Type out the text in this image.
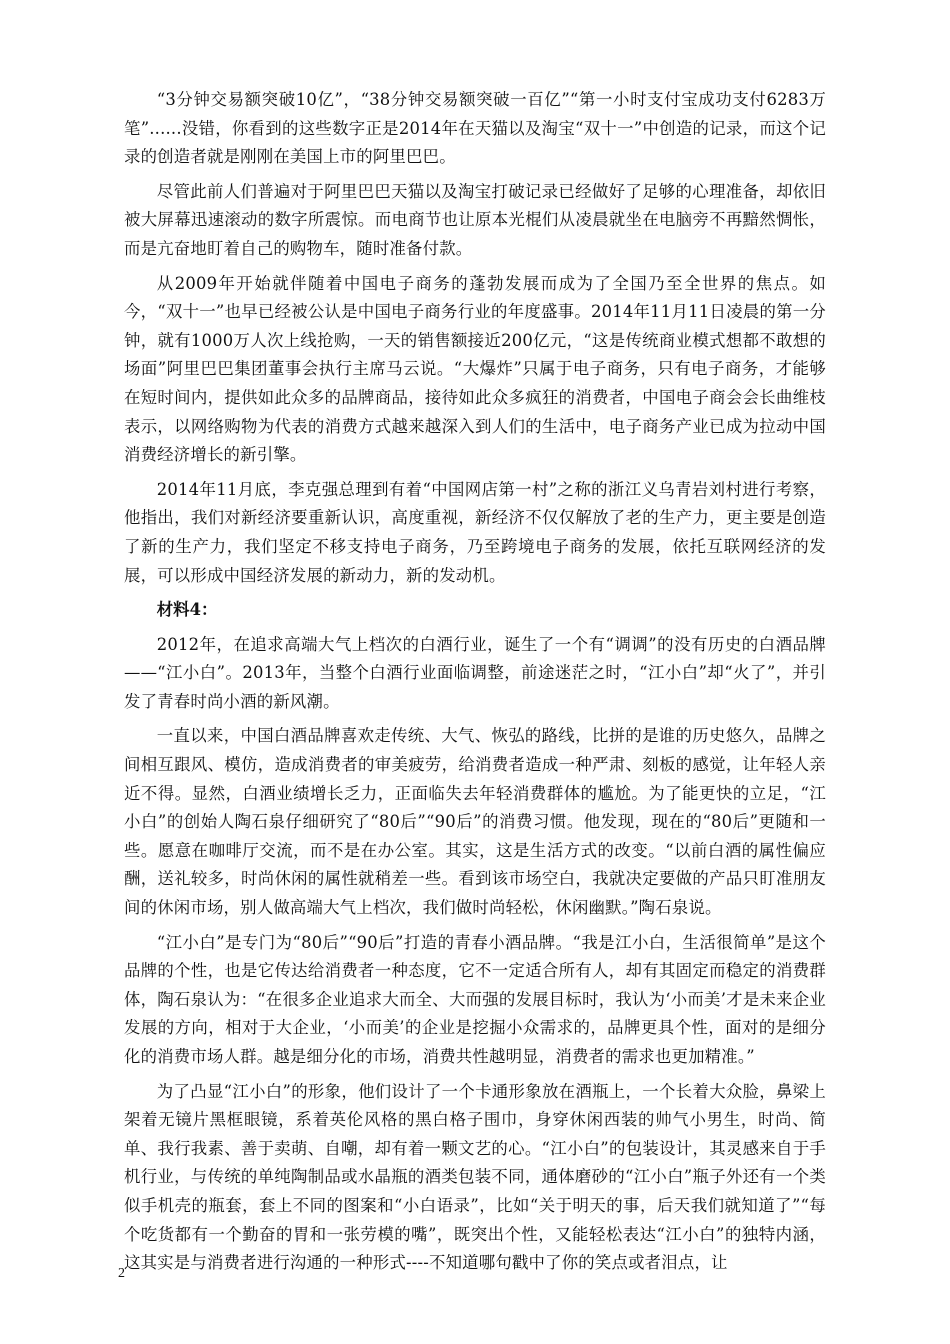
“3分钟交易额突破10亿”，“38分钟交易额突破一百亿”“第一小时支付宝成功支付6283万笔”......没错，你看到的这些数字正是2014年在天猫以及淘宝“双十一”中创造的记录，而这个记录的创造者就是刚刚在美国上市的阿里巴巴。

尽管此前人们普遍对于阿里巴巴天猫以及淘宝打破记录已经做好了足够的心理准备，却依旧被大屏幕迅速滚动的数字所震惊。而电商节也让原本光棍们从凌晨就坐在电脑旁不再黯然惆怅，而是亢奋地盯着自己的购物车，随时准备付款。

从2009年开始就伴随着中国电子商务的蓬勃发展而成为了全国乃至全世界的焦点。如今，“双十一”也早已经被公认是中国电子商务行业的年度盛事。2014年11月11日凌晨的第一分钟，就有1000万人次上线抢购，一天的销售额接近200亿元，“这是传统商业模式想都不敢想的场面”阿里巴巴集团董事会执行主席马云说。“大爆炸”只属于电子商务，只有电子商务，才能够在短时间内，提供如此众多的品牌商品，接待如此众多疯狂的消费者，中国电子商会会长曲维枝表示，以网络购物为代表的消费方式越来越深入到人们的生活中，电子商务产业已成为拉动中国消费经济增长的新引擎。

2014年11月底，李克强总理到有着“中国网店第一村”之称的浙江义乌青岩刘村进行考察，他指出，我们对新经济要重新认识，高度重视，新经济不仅仅解放了老的生产力，更主要是创造了新的生产力，我们坚定不移支持电子商务，乃至跨境电子商务的发展，依托互联网经济的发展，可以形成中国经济发展的新动力，新的发动机。

材料4：

2012年，在追求高端大气上档次的白酒行业，诞生了一个有“调调”的没有历史的白酒品牌——“江小白”。2013年，当整个白酒行业面临调整，前途迷茫之时，“江小白”却“火了”，并引发了青春时尚小酒的新风潮。

一直以来，中国白酒品牌喜欢走传统、大气、恢弘的路线，比拼的是谁的历史悠久，品牌之间相互跟风、模仿，造成消费者的审美疲劳，给消费者造成一种严肃、刻板的感觉，让年轻人亲近不得。显然，白酒业绩增长乏力，正面临失去年轻消费群体的尴尬。为了能更快的立足，“江小白”的创始人陶石泉仔细研究了“80后”“90后”的消费习惯。他发现，现在的“80后”更随和一些。愿意在咖啡厅交流，而不是在办公室。其实，这是生活方式的改变。“以前白酒的属性偏应酬，送礼较多，时尚休闲的属性就稍差一些。看到该市场空白，我就决定要做的产品只盯准朋友间的休闲市场，别人做高端大气上档次，我们做时尚轻松，休闲幽默。”陶石泉说。

“江小白”是专门为“80后”“90后”打造的青春小酒品牌。“我是江小白，生活很简单”是这个品牌的个性，也是它传达给消费者一种态度，它不一定适合所有人，却有其固定而稳定的消费群体，陶石泉认为：“在很多企业追求大而全、大而强的发展目标时，我认为‘小而美’才是未来企业发展的方向，相对于大企业，‘小而美’的企业是挖掘小众需求的，品牌更具个性，面对的是细分化的消费市场人群。越是细分化的市场，消费共性越明显，消费者的需求也更加精准。”

为了凸显“江小白”的形象，他们设计了一个卡通形象放在酒瓶上，一个长着大众脸，鼻梁上架着无镜片黑框眼镜，系着英伦风格的黑白格子围巾，身穿休闲西装的帅气小男生，时尚、简单、我行我素、善于卖萌、自嘲，却有着一颗文艺的心。“江小白”的包装设计，其灵感来自于手机行业，与传统的单纯陶制品或水晶瓶的酒类包装不同，通体磨砂的“江小白”瓶子外还有一个类似手机壳的瓶套，套上不同的图案和“小白语录”，比如“关于明天的事，后天我们就知道了”“每个吃货都有一个勤奋的胃和一张劳模的嘴”，既突出个性，又能轻松表达“江小白”的独特内涵，这其实是与消费者进行沟通的一种形式----不知道哪句戳中了你的笑点或者泪点，让

2
